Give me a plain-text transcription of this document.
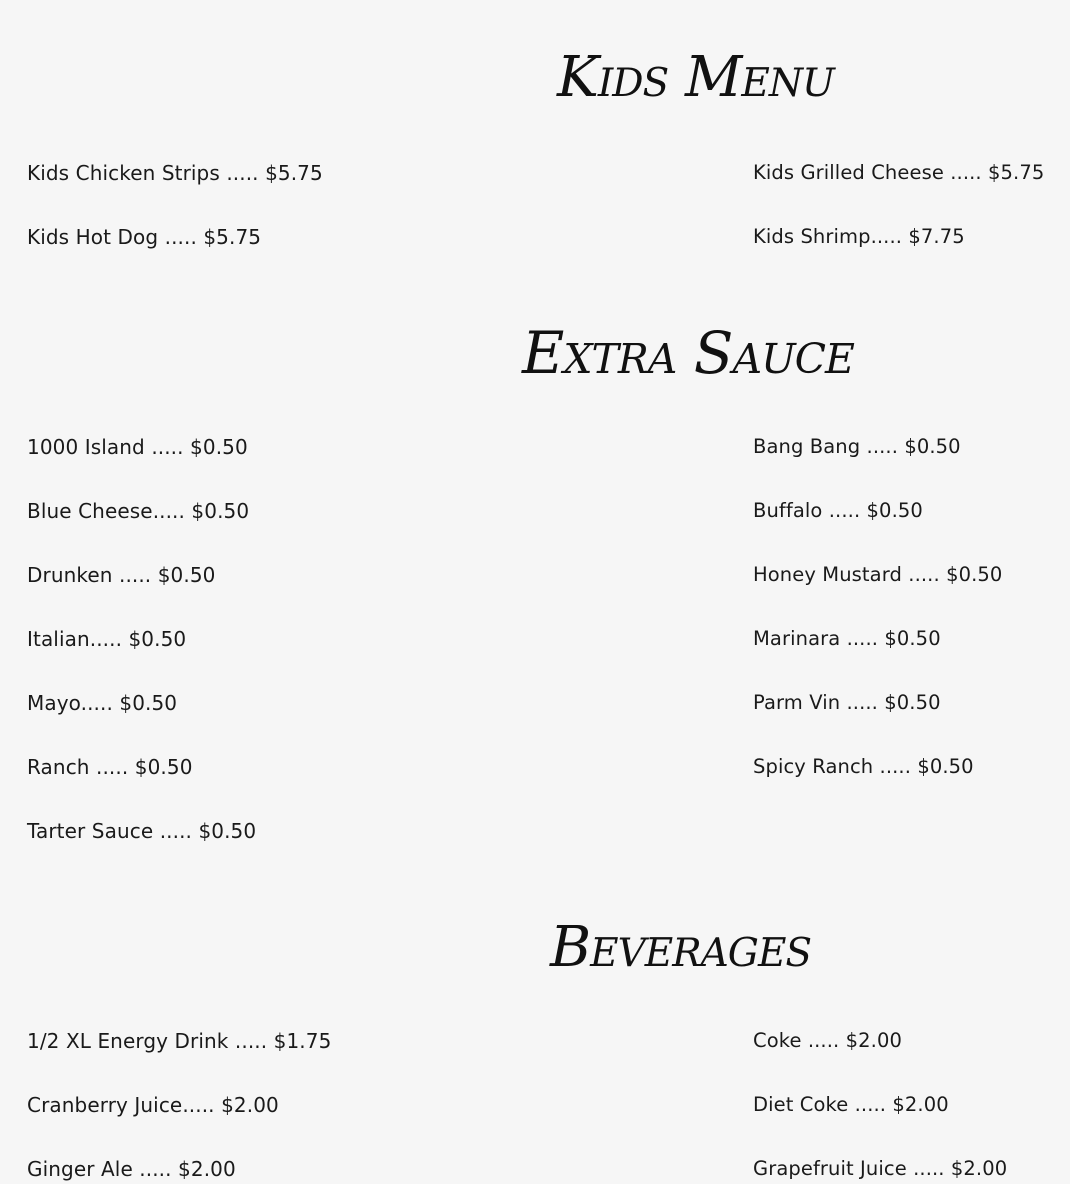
Kids Menu
Kids Chicken Strips ..... $5.75
Kids Hot Dog ..... $5.75
Kids Grilled Cheese ..... $5.75
Kids Shrimp..... $7.75
Extra Sauce
1000 Island ..... $0.50
Blue Cheese..... $0.50
Drunken ..... $0.50
Italian..... $0.50
Mayo..... $0.50
Ranch ..... $0.50
Tarter Sauce ..... $0.50
Bang Bang ..... $0.50
Buffalo ..... $0.50
Honey Mustard ..... $0.50
Marinara ..... $0.50
Parm Vin ..... $0.50
Spicy Ranch ..... $0.50
Beverages
1/2 XL Energy Drink ..... $1.75
Cranberry Juice..... $2.00
Ginger Ale ..... $2.00
Coke ..... $2.00
Diet Coke ..... $2.00
Grapefruit Juice ..... $2.00
